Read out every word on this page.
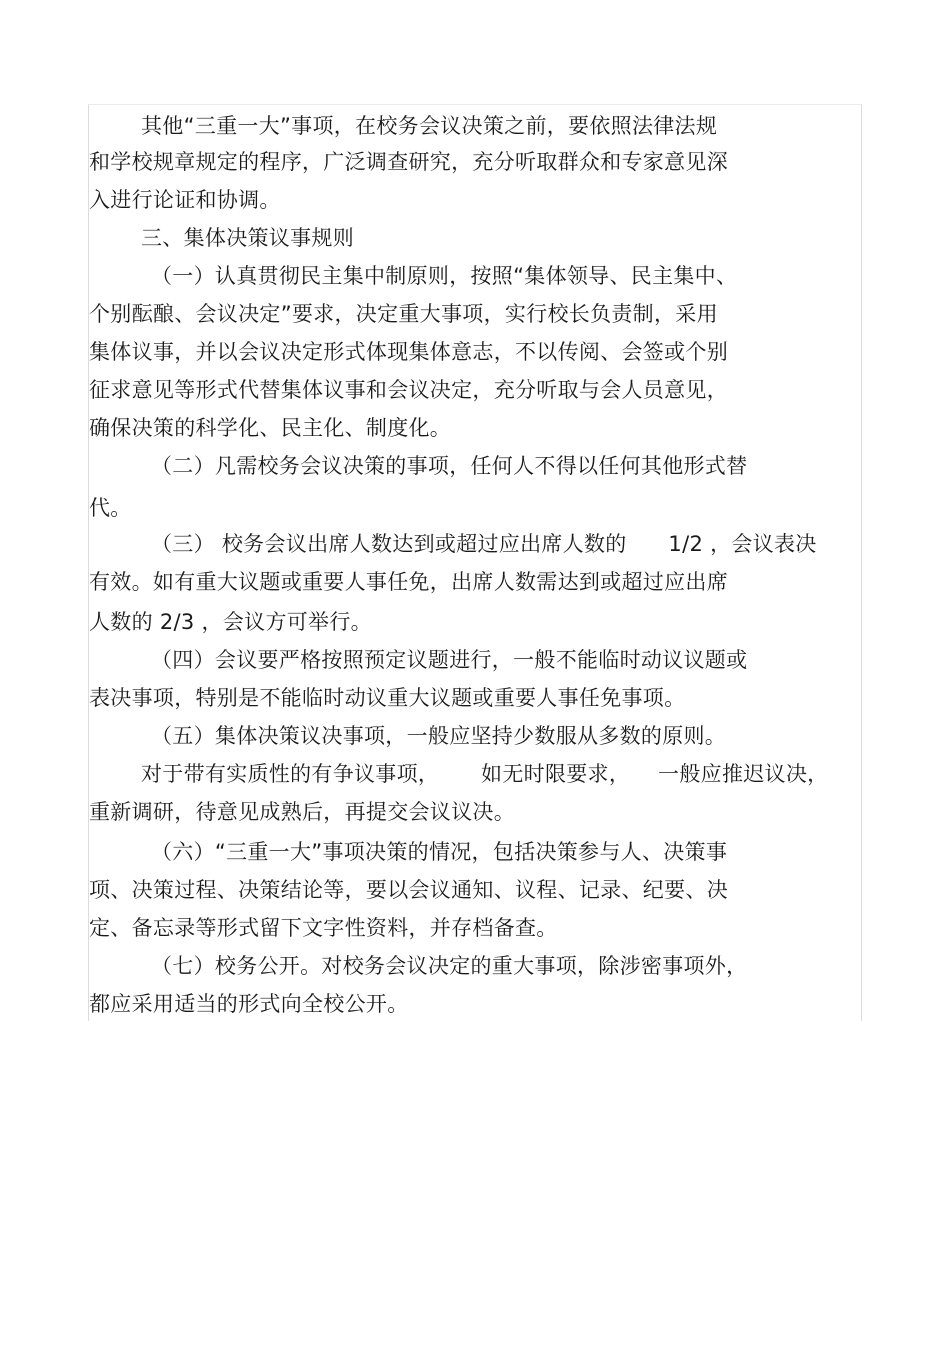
其他“三重一大”事项，在校务会议决策之前，要依照法律法规
和学校规章规定的程序，广泛调查研究，充分听取群众和专家意见深
入进行论证和协调。
三、集体决策议事规则
（一）认真贯彻民主集中制原则，按照“集体领导、民主集中、
个别酝酿、会议决定”要求，决定重大事项，实行校长负责制，采用
集体议事，并以会议决定形式体现集体意志，不以传阅、会签或个别
征求意见等形式代替集体议事和会议决定，充分听取与会人员意见，
确保决策的科学化、民主化、制度化。
（二）凡需校务会议决策的事项，任何人不得以任何其他形式替
代。
（三） 校务会议出席人数达到或超过应出席人数的      1/2 ，会议表决
有效。如有重大议题或重要人事任免，出席人数需达到或超过应出席
人数的 2/3 ，会议方可举行。
（四）会议要严格按照预定议题进行，一般不能临时动议议题或
表决事项，特别是不能临时动议重大议题或重要人事任免事项。
（五）集体决策议决事项，一般应坚持少数服从多数的原则。
对于带有实质性的有争议事项，      如无时限要求，    一般应推迟议决，
重新调研，待意见成熟后，再提交会议议决。
（六）“三重一大”事项决策的情况，包括决策参与人、决策事
项、决策过程、决策结论等，要以会议通知、议程、记录、纪要、决
定、备忘录等形式留下文字性资料，并存档备查。
（七）校务公开。对校务会议决定的重大事项，除涉密事项外，
都应采用适当的形式向全校公开。
